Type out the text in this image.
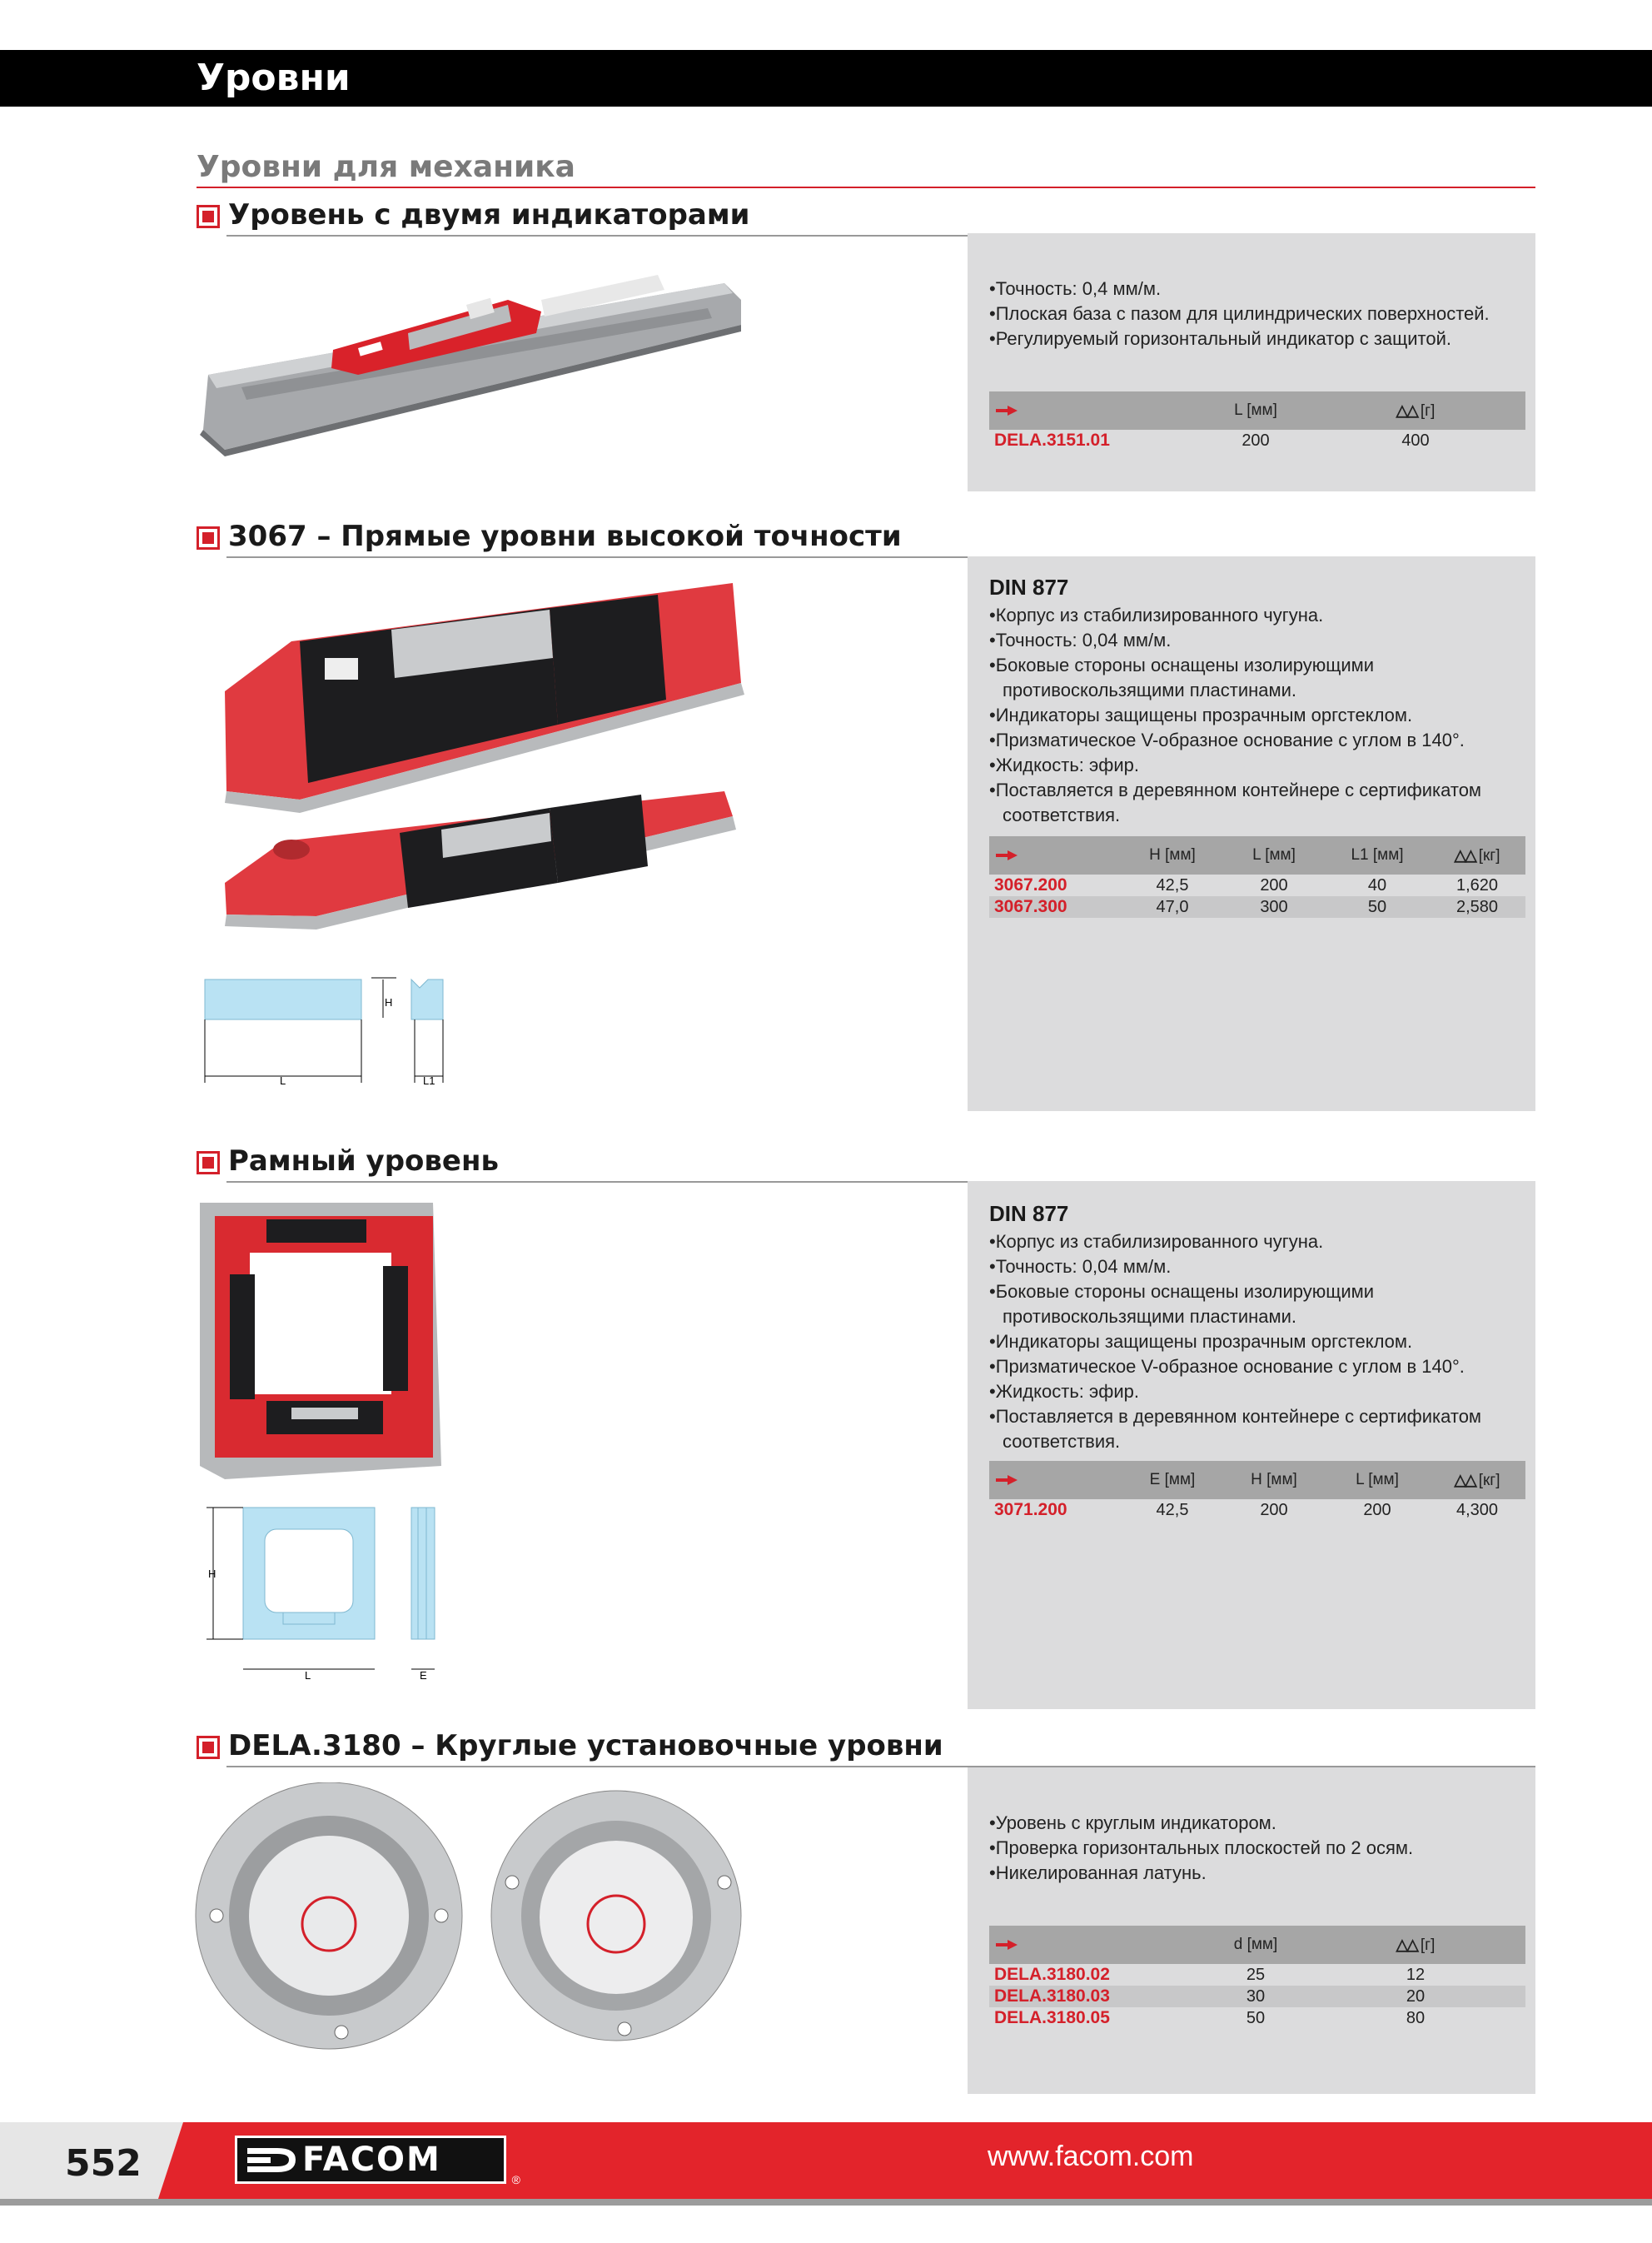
Уровни
Уровни для механика
Уровень с двумя индикаторами
• Точность: 0,4 мм/м.
• Плоская база с пазом для цилиндрических поверхностей.
• Регулируемый горизонтальный индикатор с защитой.
	L [мм]	△△ [г]
DELA.3151.01	200	400
3067 – Прямые уровни высокой точности
H
L	L1
DIN 877
• Корпус из стабилизированного чугуна.
• Точность: 0,04 мм/м.
• Боковые стороны оснащены изолирующими противоскользящими пластинами.
• Индикаторы защищены прозрачным оргстеклом.
• Призматическое V-образное основание с углом в 140°.
• Жидкость: эфир.
• Поставляется в деревянном контейнере с сертификатом соответствия.
	H [мм]	L [мм]	L1 [мм]	△△ [кг]
3067.200	42,5	200	40	1,620
3067.300	47,0	300	50	2,580
Рамный уровень
H
L	E
DIN 877
• Корпус из стабилизированного чугуна.
• Точность: 0,04 мм/м.
• Боковые стороны оснащены изолирующими противоскользящими пластинами.
• Индикаторы защищены прозрачным оргстеклом.
• Призматическое V-образное основание с углом в 140°.
• Жидкость: эфир.
• Поставляется в деревянном контейнере с сертификатом соответствия.
	E [мм]	H [мм]	L [мм]	△△ [кг]
3071.200	42,5	200	200	4,300
DELA.3180 – Круглые установочные уровни
• Уровень с круглым индикатором.
• Проверка горизонтальных плоскостей по 2 осям.
• Никелированная латунь.
	d [мм]	△△ [г]
DELA.3180.02	25	12
DELA.3180.03	30	20
DELA.3180.05	50	80
552	FACOM
®
www.facom.com
